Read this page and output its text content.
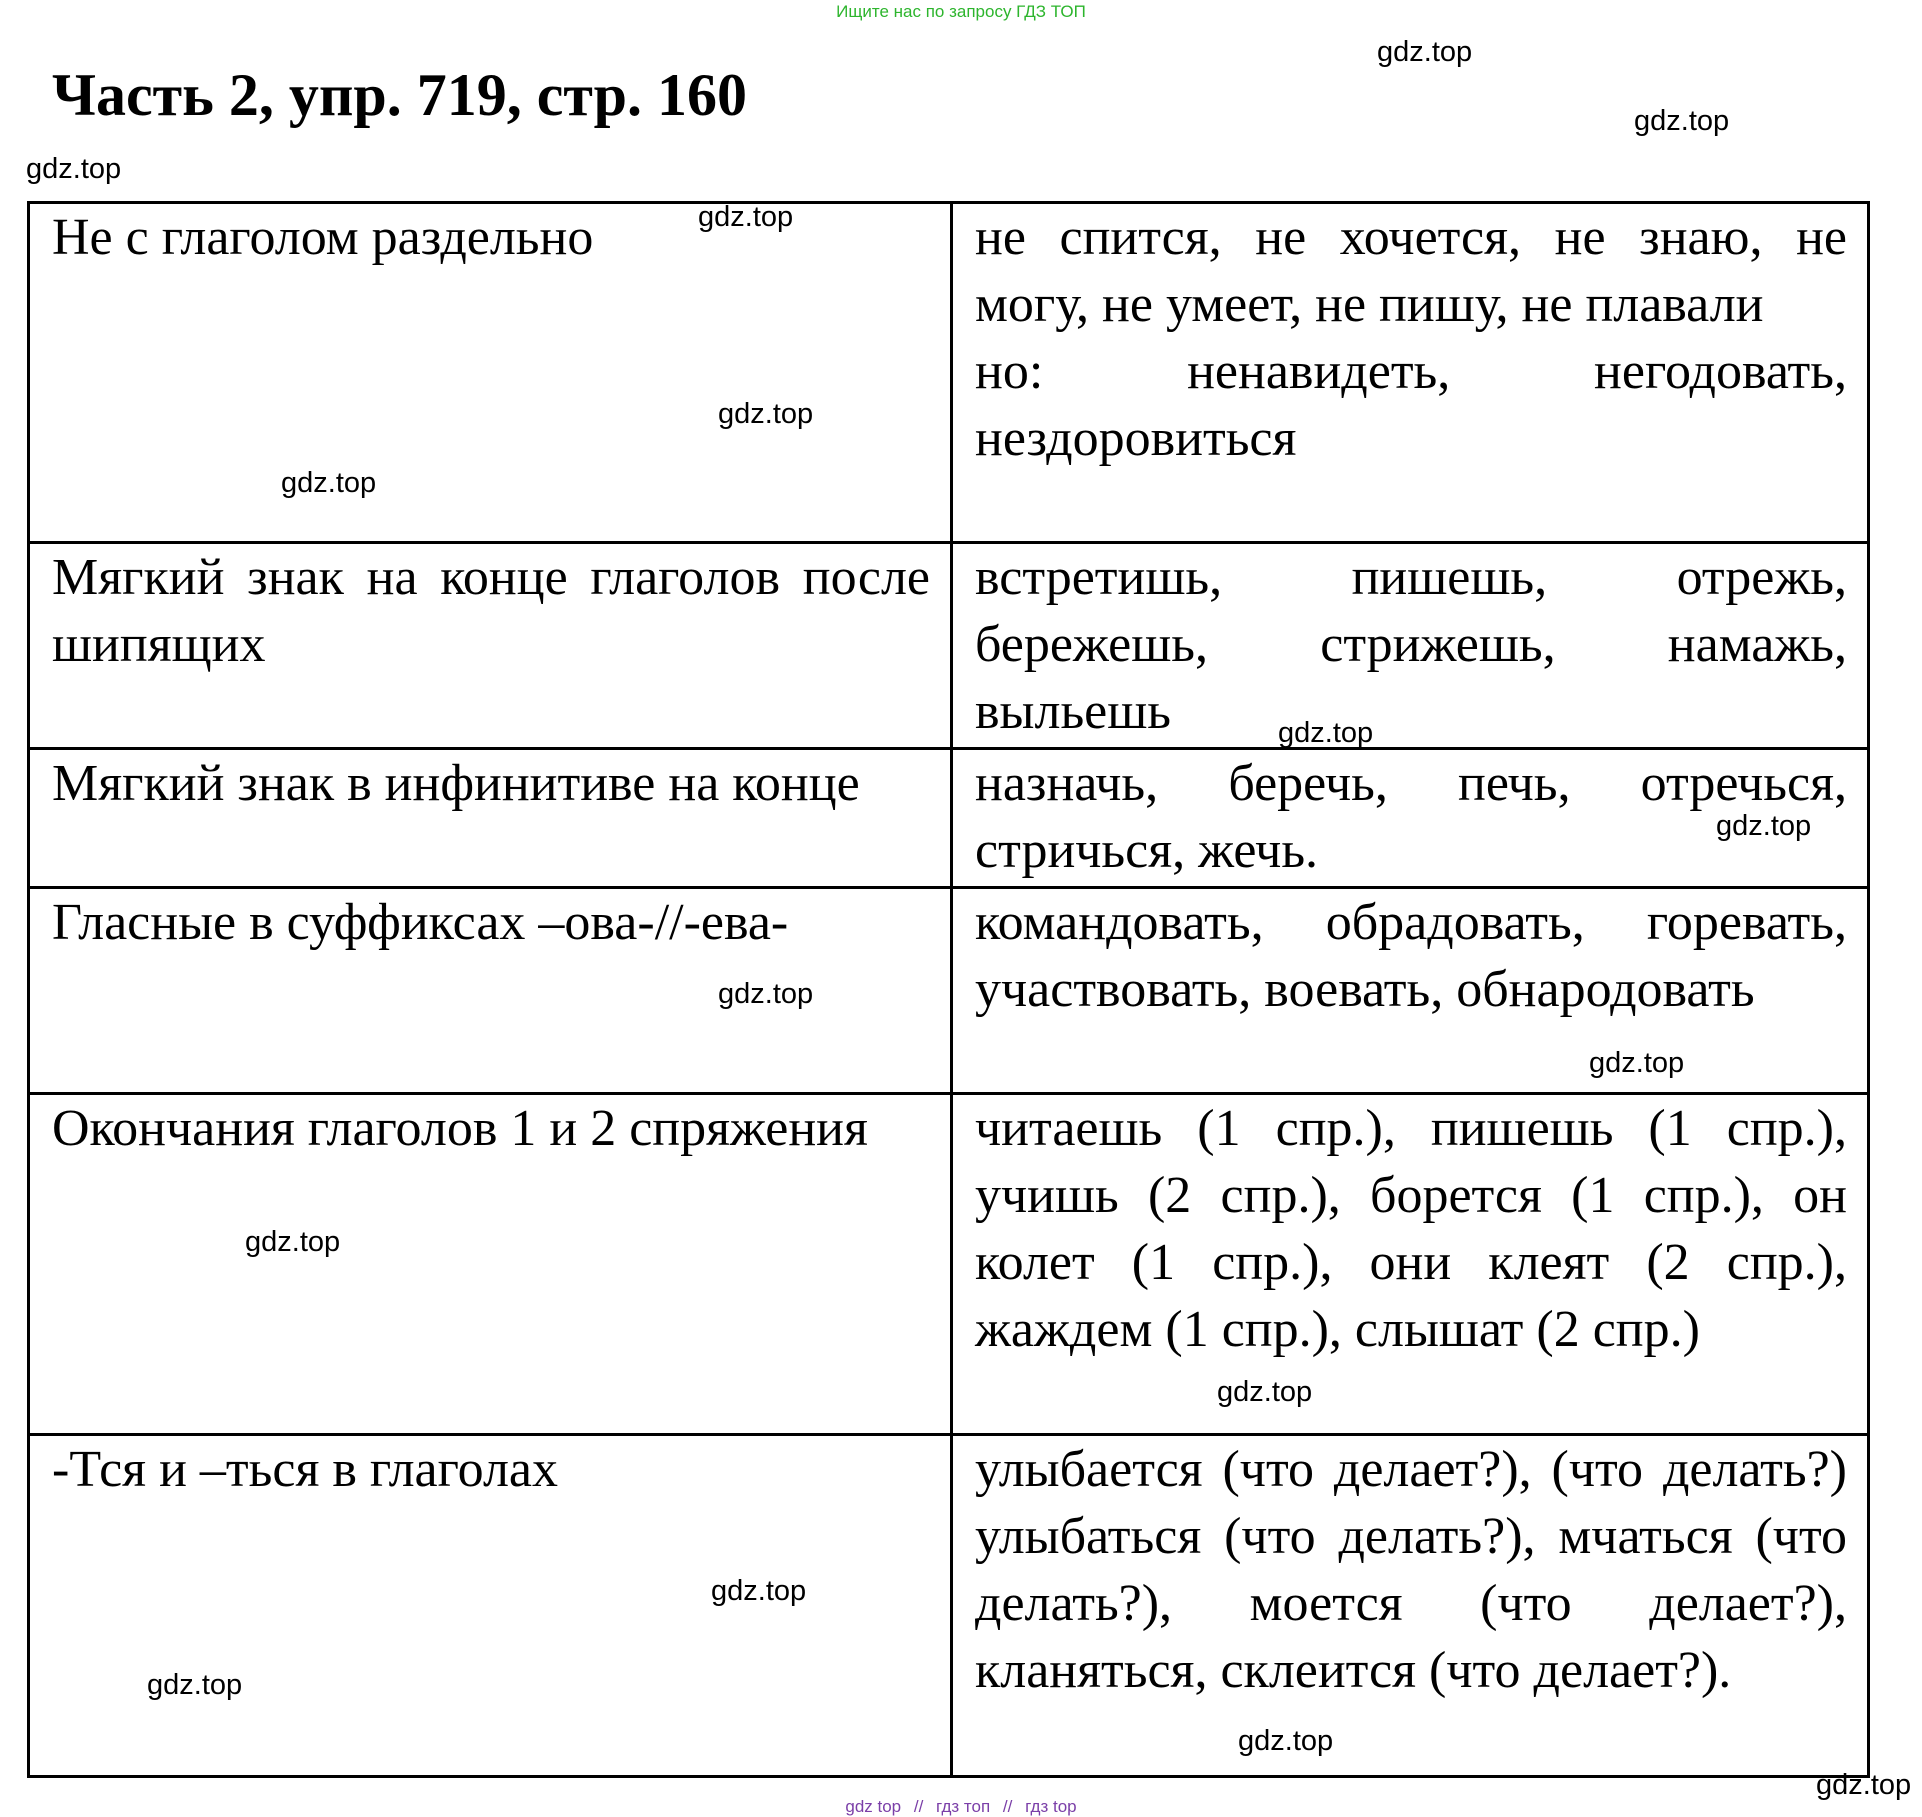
Ищите нас по запросу ГДЗ ТОП
Часть 2, упр. 719, стр. 160
gdz.top
gdz.top
gdz.top
Не с глаголом раздельно	не спится, не хочется, не знаю, не могу, не умеет, не пишу, не плавали
но: ненавидеть, негодовать, нездоровиться

Мягкий знак на конце глаголов после шипящих	встретишь, пишешь, отрежь, бережешь, стрижешь, намажь, выльешь
Мягкий знак в инфинитиве на конце	назначь, беречь, печь, отречься, стричься, жечь.
Гласные в суффиксах –ова-//-ева-	командовать, обрадовать, горевать, участвовать, воевать, обнародовать
Окончания глаголов 1 и 2 спряжения	читаешь (1 спр.), пишешь (1 спр.), учишь (2 спр.), борется (1 спр.), он колет (1 спр.), они клеят (2 спр.), жаждем (1 спр.), слышат (2 спр.)
-Тся и –ться в глаголах	улыбается (что делает?), (что делать?) улыбаться (что делать?), мчаться (что делать?), моется (что делает?), кланяться, склеится (что делает?).
gdz.top
gdz.top
gdz.top
gdz.top
gdz.top
gdz.top
gdz.top
gdz.top
gdz.top
gdz.top
gdz.top
gdz.top
gdz.top
gdz top // гдз топ // гдз top
